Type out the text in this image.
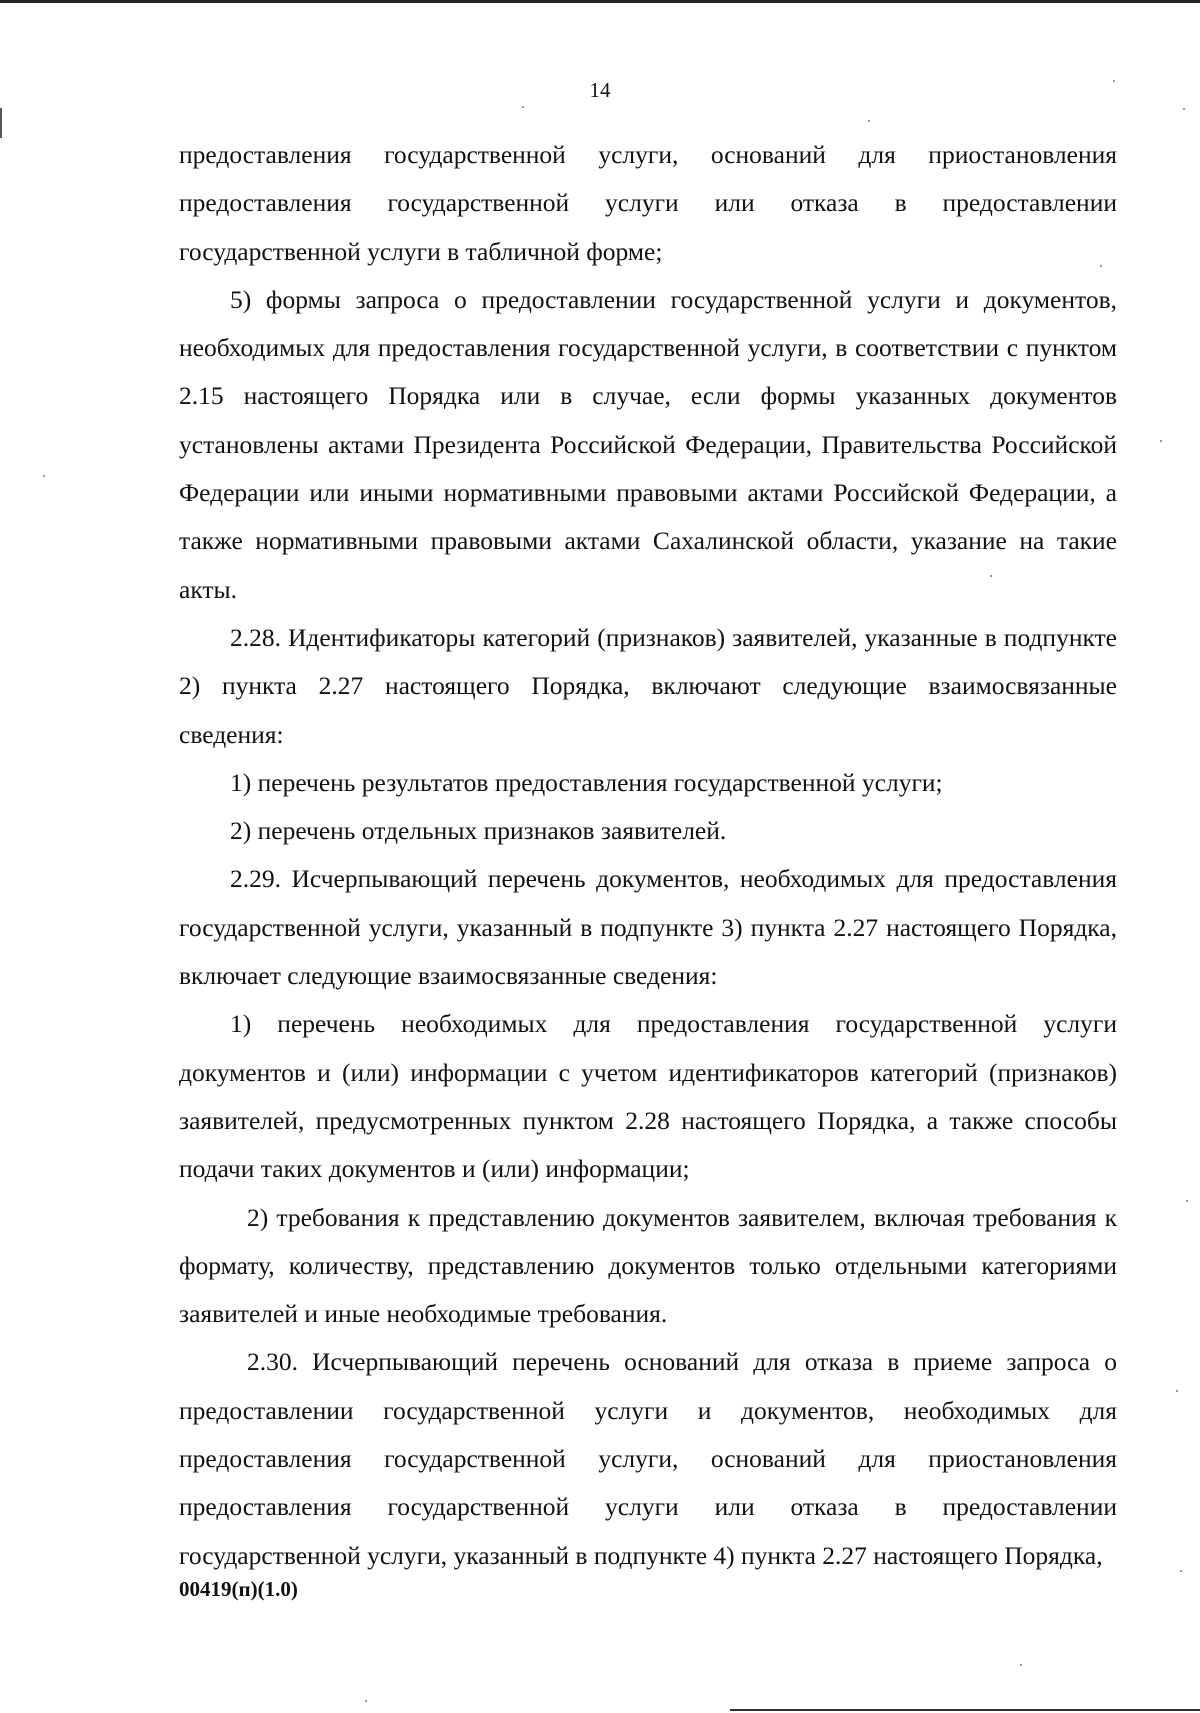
14

предоставления государственной услуги, оснований для приостановления предоставления государственной услуги или отказа в предоставлении государственной услуги в табличной форме;

5) формы запроса о предоставлении государственной услуги и документов, необходимых для предоставления государственной услуги, в соответствии с пунктом 2.15 настоящего Порядка или в случае, если формы указанных документов установлены актами Президента Российской Федерации, Правительства Российской Федерации или иными нормативными правовыми актами Российской Федерации, а также нормативными правовыми актами Сахалинской области, указание на такие акты.

2.28. Идентификаторы категорий (признаков) заявителей, указанные в подпункте 2) пункта 2.27 настоящего Порядка, включают следующие взаимосвязанные сведения:

1) перечень результатов предоставления государственной услуги;

2) перечень отдельных признаков заявителей.

2.29. Исчерпывающий перечень документов, необходимых для предоставления государственной услуги, указанный в подпункте 3) пункта 2.27 настоящего Порядка, включает следующие взаимосвязанные сведения:

1) перечень необходимых для предоставления государственной услуги документов и (или) информации с учетом идентификаторов категорий (признаков) заявителей, предусмотренных пунктом 2.28 настоящего Порядка, а также способы подачи таких документов и (или) информации;

2) требования к представлению документов заявителем, включая требования к формату, количеству, представлению документов только отдельными категориями заявителей и иные необходимые требования.

2.30. Исчерпывающий перечень оснований для отказа в приеме запроса о предоставлении государственной услуги и документов, необходимых для предоставления государственной услуги, оснований для приостановления предоставления государственной услуги или отказа в предоставлении государственной услуги, указанный в подпункте 4) пункта 2.27 настоящего Порядка,

00419(п)(1.0)
